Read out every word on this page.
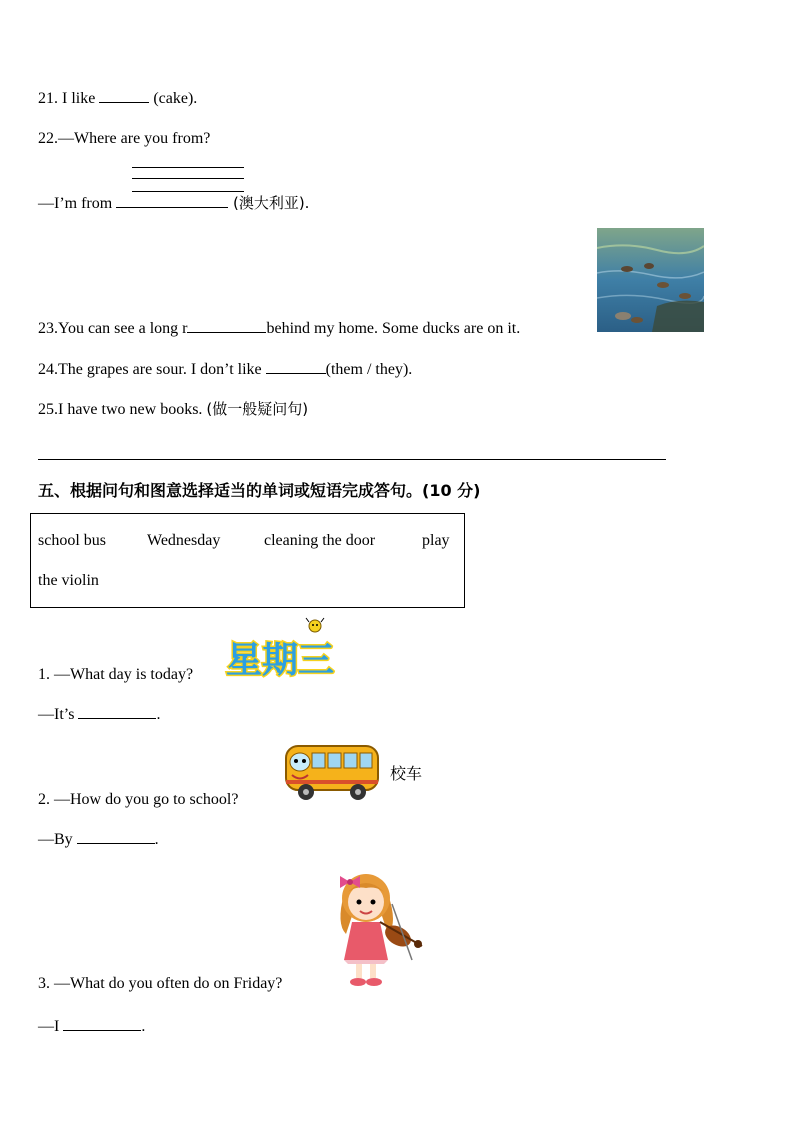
21. I like	(cake).
22.—Where are you from?
—I’m from	(澳大利亚).
23.You can see a long r	behind my home. Some ducks are on it.
24.The grapes are sour. I don’t like	(them / they).
25.I have two new books. (做一般疑问句)
五、根据问句和图意选择适当的单词或短语完成答句。(10 分)
school bus	Wednesday	cleaning the door	play
the violin
星期三
1. —What day is today?
—It’s	.
校车
2. —How do you go to school?
—By	.
3. —What do you often do on Friday?
—I	.
